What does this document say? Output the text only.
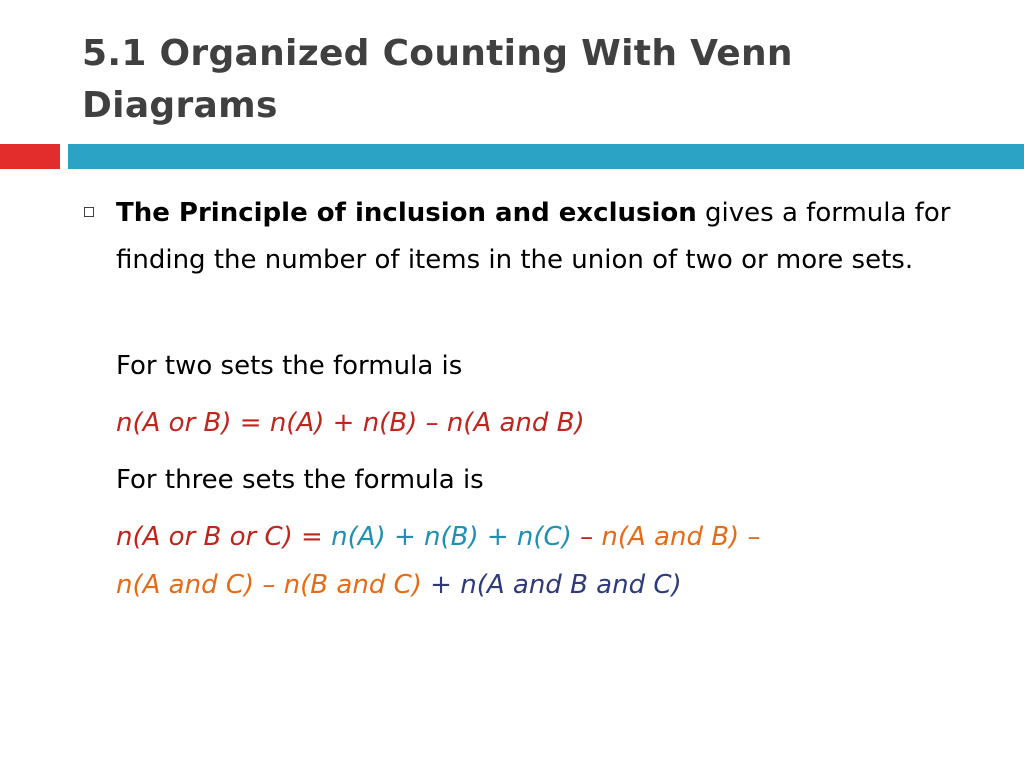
5.1 Organized Counting With Venn Diagrams

The Principle of inclusion and exclusion gives a formula for finding the number of items in the union of two or more sets.

For two sets the formula is

n(A or B) = n(A) + n(B) – n(A and B)

For three sets the formula is

n(A or B or C) = n(A) + n(B) + n(C) – n(A and B) –

n(A and C) – n(B and C) + n(A and B and C)
